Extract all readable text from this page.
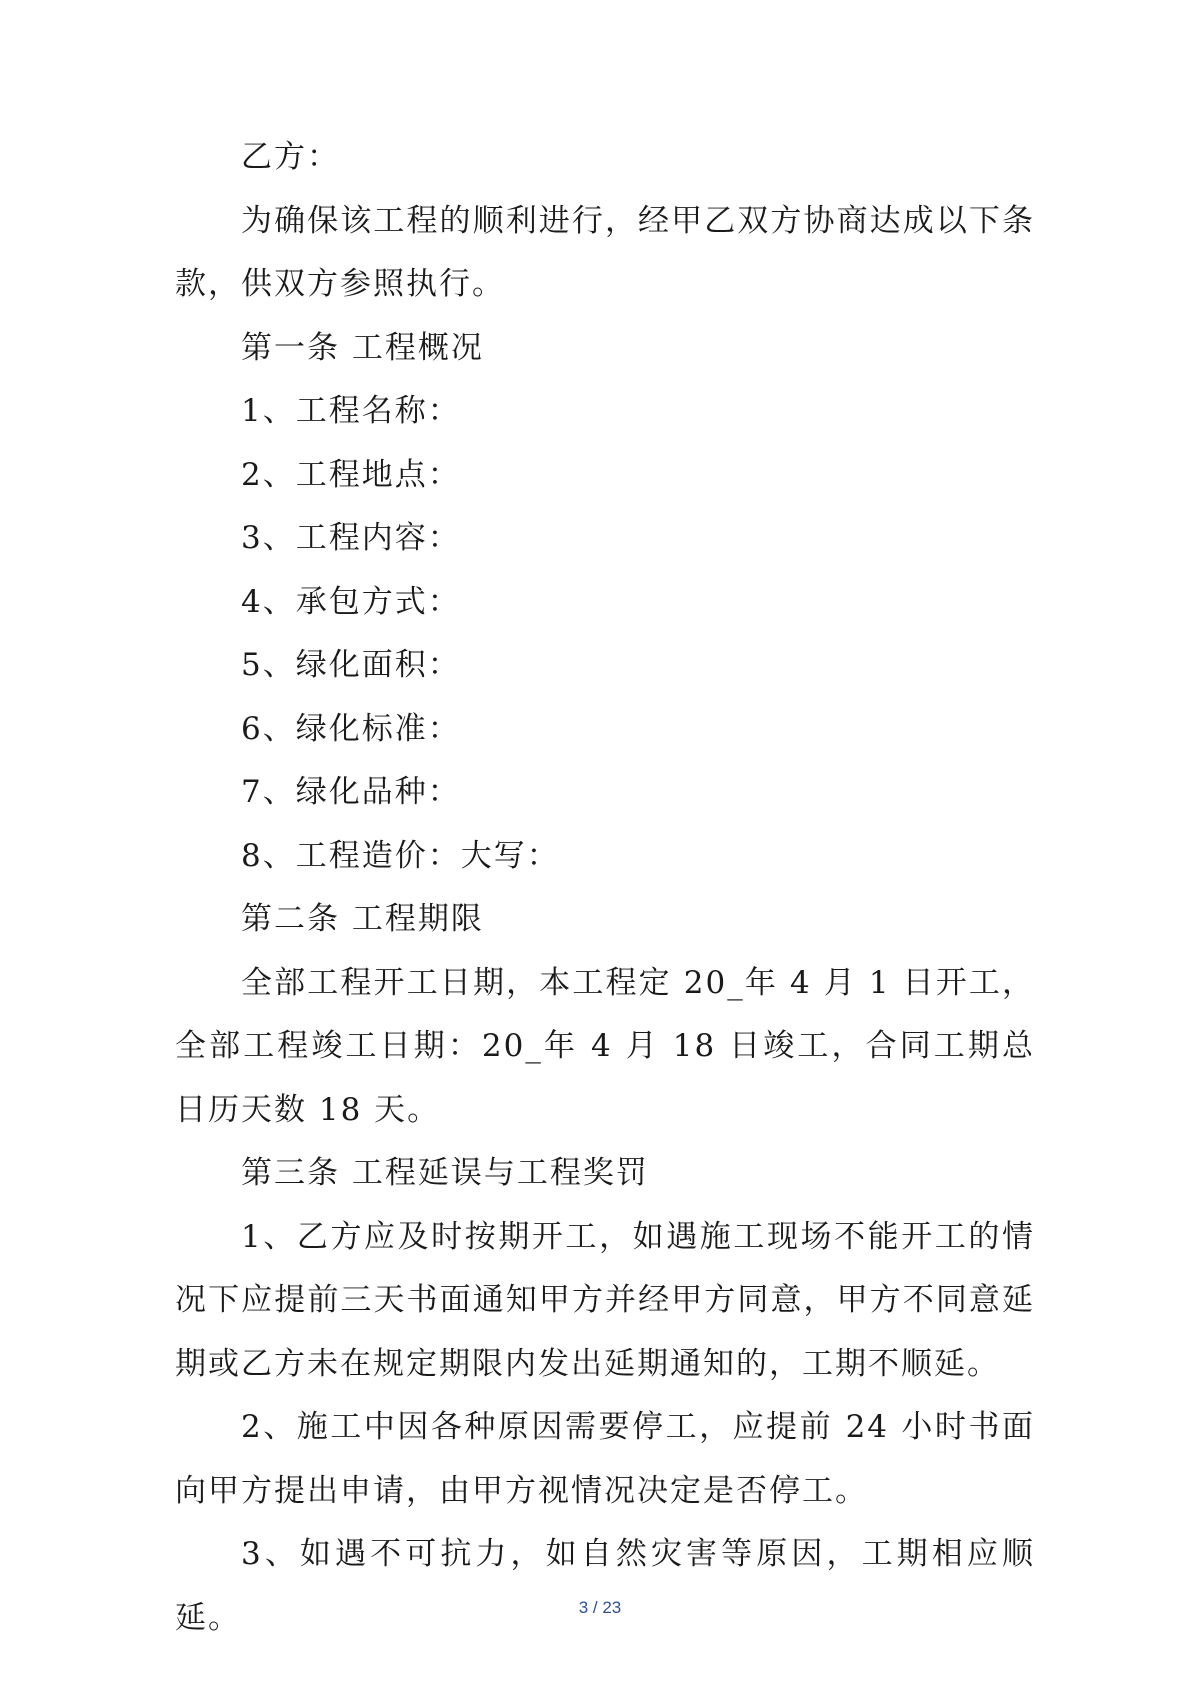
乙方：

为确保该工程的顺利进行，经甲乙双方协商达成以下条款，供双方参照执行。

第一条 工程概况

1、工程名称：

2、工程地点：

3、工程内容：

4、承包方式：

5、绿化面积：

6、绿化标准：

7、绿化品种：

8、工程造价：大写：

第二条 工程期限

全部工程开工日期，本工程定 20_年 4 月 1 日开工，全部工程竣工日期：20_年 4 月 18 日竣工，合同工期总日历天数 18 天。

第三条 工程延误与工程奖罚

1、乙方应及时按期开工，如遇施工现场不能开工的情况下应提前三天书面通知甲方并经甲方同意，甲方不同意延期或乙方未在规定期限内发出延期通知的，工期不顺延。

2、施工中因各种原因需要停工，应提前 24 小时书面向甲方提出申请，由甲方视情况决定是否停工。

3、如遇不可抗力，如自然灾害等原因，工期相应顺延。	3 / 23
